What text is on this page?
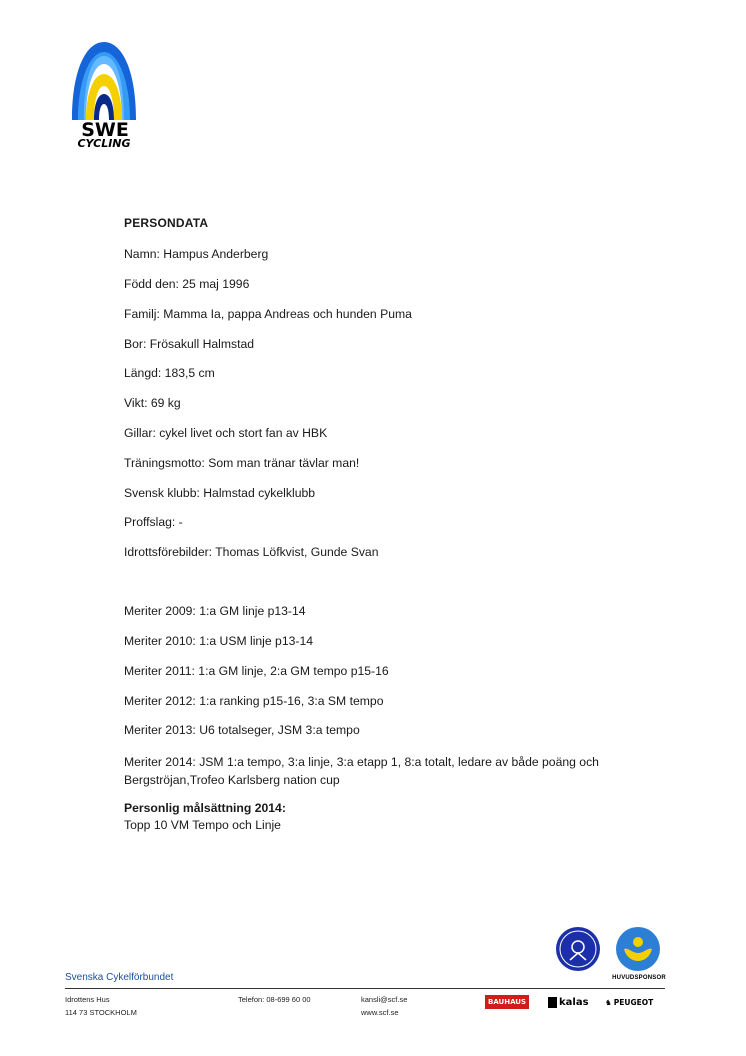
SWE
CYCLING
PERSONDATA
Namn: Hampus Anderberg
Född den: 25 maj 1996
Familj: Mamma Ia, pappa Andreas och hunden Puma
Bor: Frösakull Halmstad
Längd: 183,5 cm
Vikt: 69 kg
Gillar: cykel livet och stort fan av HBK
Träningsmotto: Som man tränar tävlar man!
Svensk klubb: Halmstad cykelklubb
Proffslag: -
Idrottsförebilder: Thomas Löfkvist, Gunde Svan
Meriter 2009: 1:a GM linje p13-14
Meriter 2010: 1:a USM linje p13-14
Meriter 2011: 1:a GM linje, 2:a GM tempo p15-16
Meriter 2012: 1:a ranking p15-16, 3:a SM tempo
Meriter 2013: U6 totalseger, JSM 3:a tempo
Meriter 2014: JSM 1:a tempo, 3:a linje, 3:a etapp 1, 8:a totalt, ledare av både poäng och Bergströjan,Trofeo Karlsberg nation cup
Personlig målsättning 2014:
Topp 10 VM Tempo och Linje
HUVUDSPONSOR
Svenska Cykelförbundet
Idrottens Hus
114 73 STOCKHOLM
Telefon: 08-699 60 00	kansli@scf.se
www.scf.se
BAUHAUS	kalas ♞ PEUGEOT
